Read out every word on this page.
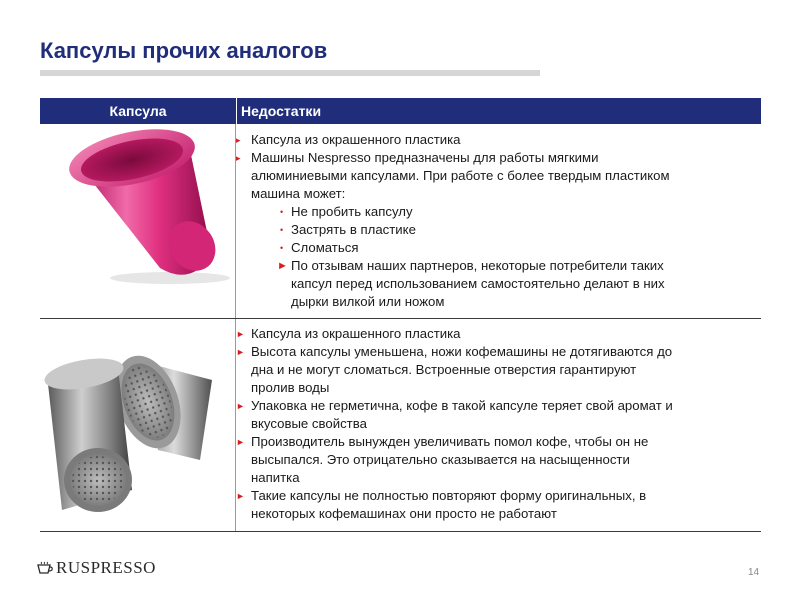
Капсулы прочих аналогов
Капсула	Недостатки
▸ Капсула из окрашенного пластика
▸ Машины Nespresso предназначены для работы мягкими
алюминиевыми капсулами. При работе с более твердым пластиком
машина может:
• Не пробить капсулу
• Застрять в пластике
• Сломаться
► По отзывам наших партнеров, некоторые потребители таких
капсул перед использованием самостоятельно делают в них
дырки вилкой или ножом
► Капсула из окрашенного пластика
► Высота капсулы уменьшена, ножи кофемашины не дотягиваются до
дна и не могут сломаться. Встроенные отверстия гарантируют
пролив воды
► Упаковка не герметична, кофе в такой капсуле теряет свой аромат и
вкусовые свойства
► Производитель вынужден увеличивать помол кофе, чтобы он не
высыпался. Это отрицательно сказывается на насыщенности
напитка
► Такие капсулы не полностью повторяют форму оригинальных, в
некоторых кофемашинах они просто не работают
RUSPRESSO	14
